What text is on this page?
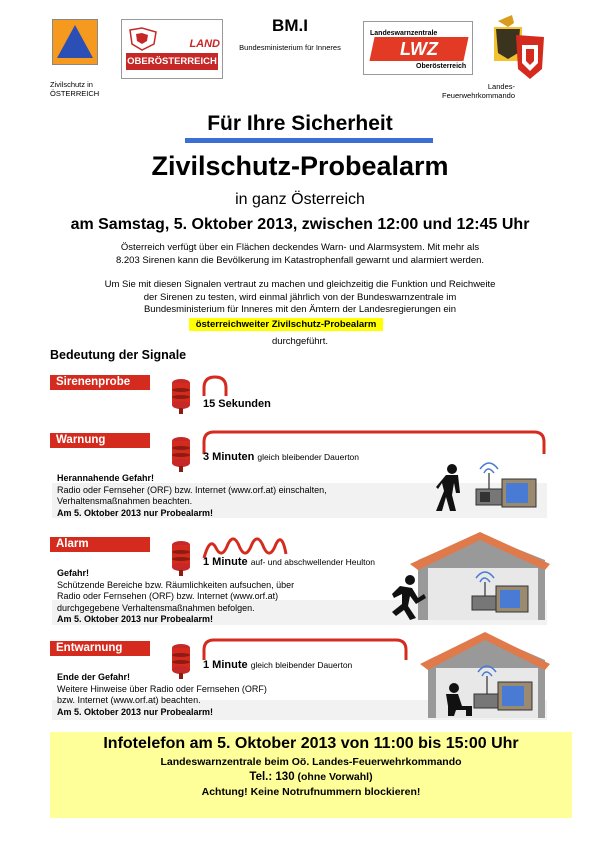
Zivilschutz in
ÖSTERREICH
LAND
OBERÖSTERREICH
BM.I
Bundesministerium für Inneres
Landeswarnzentrale
LWZ
Oberösterreich
Landes-
Feuerwehrkommando
Für Ihre Sicherheit
Zivilschutz-Probealarm
in ganz Österreich
am Samstag, 5. Oktober 2013, zwischen 12:00 und 12:45 Uhr
Österreich verfügt über ein Flächen deckendes Warn- und Alarmsystem. Mit mehr als
8.203 Sirenen kann die Bevölkerung im Katastrophenfall gewarnt und alarmiert werden.
Um Sie mit diesen Signalen vertraut zu machen und gleichzeitig die Funktion und Reichweite
der Sirenen zu testen, wird einmal jährlich von der Bundeswarnzentrale im
Bundesministerium für Inneres mit den Ämtern der Landesregierungen ein
österreichweiter Zivilschutz-Probealarm
durchgeführt.
Bedeutung der Signale
Sirenenprobe
15 Sekunden
Warnung
3 Minuten gleich bleibender Dauerton
Herannahende Gefahr!
Radio oder Fernseher (ORF) bzw. Internet (www.orf.at) einschalten,
Verhaltensmaßnahmen beachten.
Am 5. Oktober 2013 nur Probealarm!
Alarm
1 Minute auf- und abschwellender Heulton
Gefahr!
Schützende Bereiche bzw. Räumlichkeiten aufsuchen, über
Radio oder Fernsehen (ORF) bzw. Internet (www.orf.at)
durchgegebene Verhaltensmaßnahmen befolgen.
Am 5. Oktober 2013 nur Probealarm!
Entwarnung
1 Minute gleich bleibender Dauerton
Ende der Gefahr!
Weitere Hinweise über Radio oder Fernsehen (ORF)
bzw. Internet (www.orf.at) beachten.
Am 5. Oktober 2013 nur Probealarm!
Infotelefon am 5. Oktober 2013 von 11:00 bis 15:00 Uhr
Landeswarnzentrale beim Oö. Landes-Feuerwehrkommando
Tel.: 130 (ohne Vorwahl)
Achtung! Keine Notrufnummern blockieren!
